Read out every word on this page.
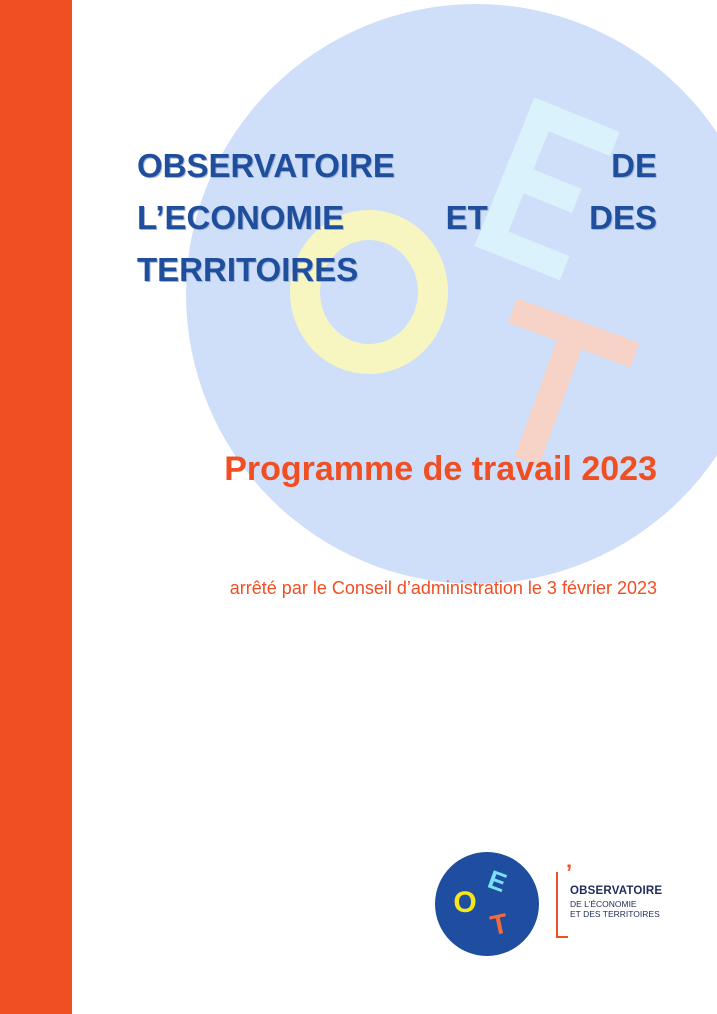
OBSERVATOIRE	DE
L’ECONOMIE	ET	DES
TERRITOIRES
Programme de travail 2023
arrêté par le Conseil d’administration le 3 février 2023
O
E
T
’
OBSERVATOIRE
DE L’ÉCONOMIE
ET DES TERRITOIRES
